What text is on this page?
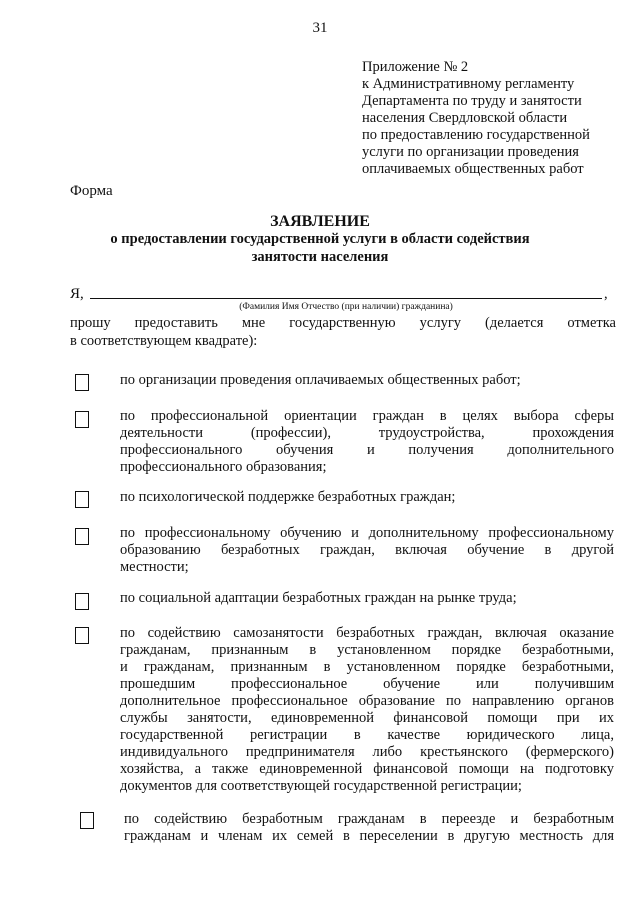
31
Приложение № 2
к Административному регламенту
Департамента по труду и занятости
населения Свердловской области
по предоставлению государственной
услуги по организации проведения
оплачиваемых общественных работ
Форма
ЗАЯВЛЕНИЕ
о предоставлении государственной услуги в области содействия
занятости населения
Я,	,
(Фамилия Имя Отчество (при наличии) гражданина)
прошу предоставить мне государственную услугу (делается отметка
в соответствующем квадрате):
по организации проведения оплачиваемых общественных работ;
по профессиональной ориентации граждан в целях выбора сферы
деятельности (профессии), трудоустройства, прохождения
профессионального обучения и получения дополнительного
профессионального образования;
по психологической поддержке безработных граждан;
по профессиональному обучению и дополнительному профессиональному
образованию безработных граждан, включая обучение в другой
местности;
по социальной адаптации безработных граждан на рынке труда;
по содействию самозанятости безработных граждан, включая оказание
гражданам, признанным в установленном порядке безработными,
и гражданам, признанным в установленном порядке безработными,
прошедшим профессиональное обучение или получившим
дополнительное профессиональное образование по направлению органов
службы занятости, единовременной финансовой помощи при их
государственной регистрации в качестве юридического лица,
индивидуального предпринимателя либо крестьянского (фермерского)
хозяйства, а также единовременной финансовой помощи на подготовку
документов для соответствующей государственной регистрации;
по содействию безработным гражданам в переезде и безработным
гражданам и членам их семей в переселении в другую местность для
